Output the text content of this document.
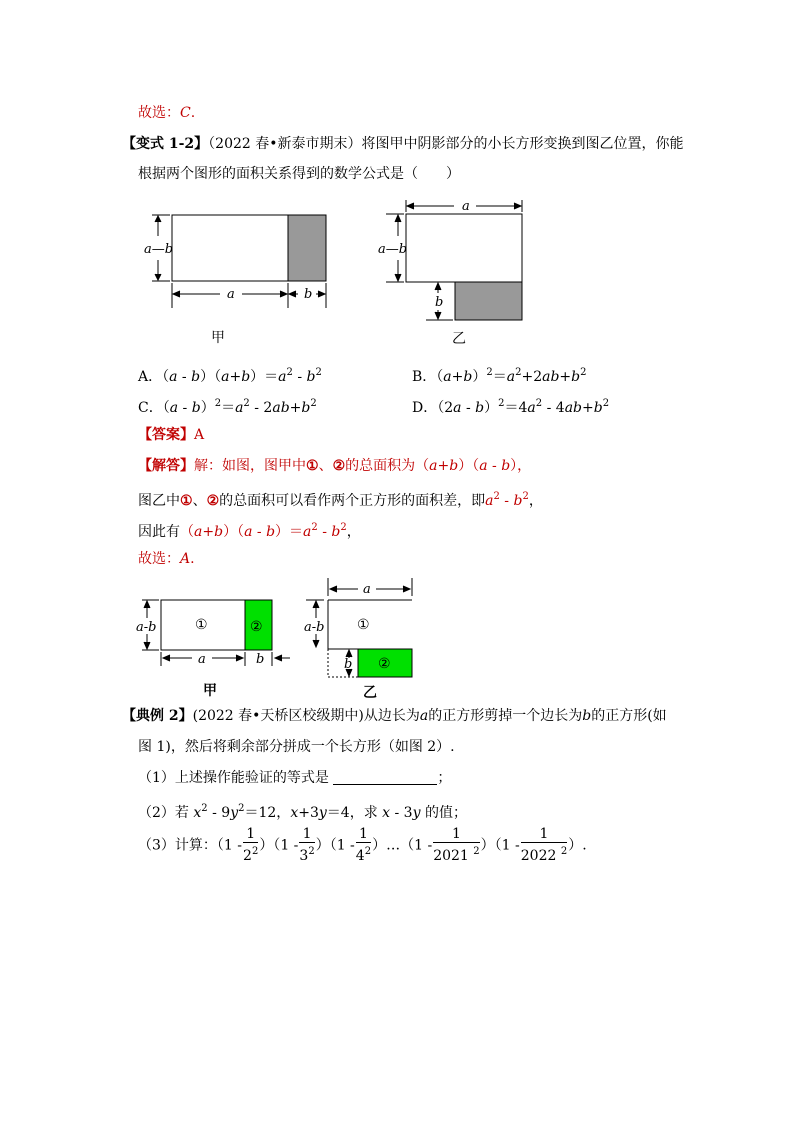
故选：C.
【变式 1-2】（2022 春•新泰市期末）将图甲中阴影部分的小长方形变换到图乙位置，你能
根据两个图形的面积关系得到的数学公式是（　　）
a—b
a	b
a
a—b
b
甲	乙
A．$(a - b)(a+b)=a^2 - b^2$	B．$(a+b)^2=a^2+2ab+b^2$
C．$(a - b)^2=a^2 - 2ab+b^2$	D．$(2a - b)^2=4a^2 - 4ab+b^2$
【答案】A
【解答】解：如图，图甲中①、②的总面积为（a+b）（a - b），
图乙中①、②的总面积可以看作两个正方形的面积差，即$a^2 - b^2$，
因此有$(a+b)(a - b)=a^2 - b^2$，
故选：A.
a-b
a	b
a
a-b
b
①	②	①
②
甲	乙
【典例 2】(2022 春•天桥区校级期中)从边长为a的正方形剪掉一个边长为b的正方形(如
图 1)，然后将剩余部分拼成一个长方形（如图 2）.
（1）上述操作能验证的等式是	；
（2）若 $x^2 - 9y^2=12$，x+3y＝4，求 x - 3y 的值；
（3）计算：$(1 - \frac{1}{2^2} )(1 - \frac{1}{3^2} )(1 - \frac{1}{4^2}$ ）…（1 - $\frac{1}{2021 ^2} )(1 - \frac{1}{2022 ^2}$ ）.
